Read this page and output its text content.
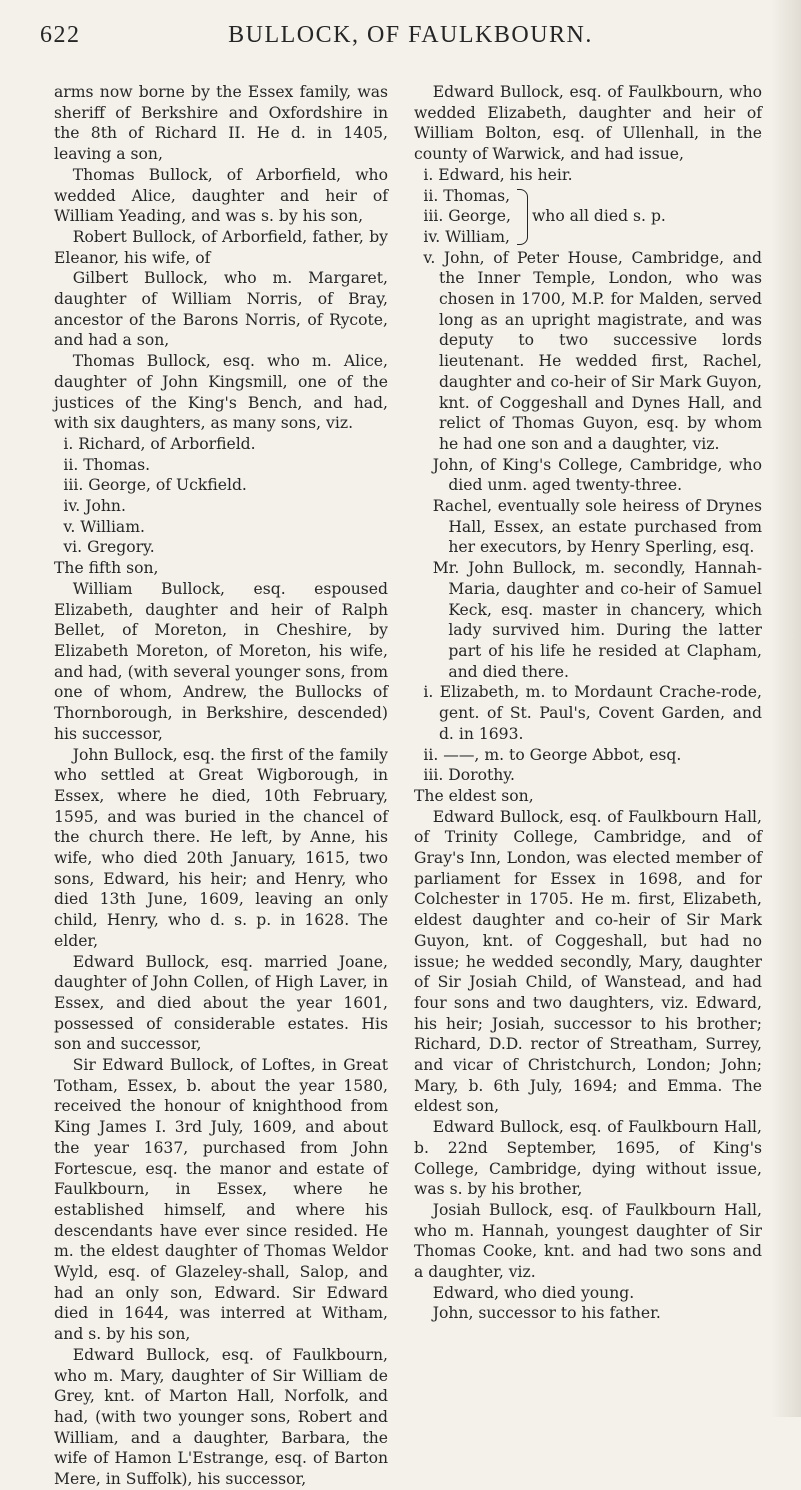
622	BULLOCK, OF FAULKBOURN.

arms now borne by the Essex family, was sheriff of Berkshire and Oxfordshire in the 8th of Richard II. He d. in 1405, leaving a son,

Thomas Bullock, of Arborfield, who wedded Alice, daughter and heir of William Yeading, and was s. by his son,

Robert Bullock, of Arborfield, father, by Eleanor, his wife, of

Gilbert Bullock, who m. Margaret, daughter of William Norris, of Bray, ancestor of the Barons Norris, of Rycote, and had a son,

Thomas Bullock, esq. who m. Alice, daughter of John Kingsmill, one of the justices of the King's Bench, and had, with six daughters, as many sons, viz.

i. Richard, of Arborfield.

ii. Thomas.

iii. George, of Uckfield.

iv. John.

v. William.

vi. Gregory.

The fifth son,

William Bullock, esq. espoused Elizabeth, daughter and heir of Ralph Bellet, of Moreton, in Cheshire, by Elizabeth Moreton, of Moreton, his wife, and had, (with several younger sons, from one of whom, Andrew, the Bullocks of Thornborough, in Berkshire, descended) his successor,

John Bullock, esq. the first of the family who settled at Great Wigborough, in Essex, where he died, 10th February, 1595, and was buried in the chancel of the church there. He left, by Anne, his wife, who died 20th January, 1615, two sons, Edward, his heir; and Henry, who died 13th June, 1609, leaving an only child, Henry, who d. s. p. in 1628. The elder,

Edward Bullock, esq. married Joane, daughter of John Collen, of High Laver, in Essex, and died about the year 1601, possessed of considerable estates. His son and successor,

Sir Edward Bullock, of Loftes, in Great Totham, Essex, b. about the year 1580, received the honour of knighthood from King James I. 3rd July, 1609, and about the year 1637, purchased from John Fortescue, esq. the manor and estate of Faulkbourn, in Essex, where he established himself, and where his descendants have ever since resided. He m. the eldest daughter of Thomas Weldor Wyld, esq. of Glazeley-shall, Salop, and had an only son, Edward. Sir Edward died in 1644, was interred at Witham, and s. by his son,

Edward Bullock, esq. of Faulkbourn, who m. Mary, daughter of Sir William de Grey, knt. of Marton Hall, Norfolk, and had, (with two younger sons, Robert and William, and a daughter, Barbara, the wife of Hamon L'Estrange, esq. of Barton Mere, in Suffolk), his successor,

Edward Bullock, esq. of Faulkbourn, who wedded Elizabeth, daughter and heir of William Bolton, esq. of Ullenhall, in the county of Warwick, and had issue,

i. Edward, his heir.

ii. Thomas,

iii. George,

iv. William,

who all died s. p.

v. John, of Peter House, Cambridge, and the Inner Temple, London, who was chosen in 1700, M.P. for Malden, served long as an upright magistrate, and was deputy to two successive lords lieutenant. He wedded first, Rachel, daughter and co-heir of Sir Mark Guyon, knt. of Coggeshall and Dynes Hall, and relict of Thomas Guyon, esq. by whom he had one son and a daughter, viz.

John, of King's College, Cambridge, who died unm. aged twenty-three.

Rachel, eventually sole heiress of Drynes Hall, Essex, an estate purchased from her executors, by Henry Sperling, esq.

Mr. John Bullock, m. secondly, Hannah-Maria, daughter and co-heir of Samuel Keck, esq. master in chancery, which lady survived him. During the latter part of his life he resided at Clapham, and died there.

i. Elizabeth, m. to Mordaunt Crache-rode, gent. of St. Paul's, Covent Garden, and d. in 1693.

ii. ——, m. to George Abbot, esq.

iii. Dorothy.

The eldest son,

Edward Bullock, esq. of Faulkbourn Hall, of Trinity College, Cambridge, and of Gray's Inn, London, was elected member of parliament for Essex in 1698, and for Colchester in 1705. He m. first, Elizabeth, eldest daughter and co-heir of Sir Mark Guyon, knt. of Coggeshall, but had no issue; he wedded secondly, Mary, daughter of Sir Josiah Child, of Wanstead, and had four sons and two daughters, viz. Edward, his heir; Josiah, successor to his brother; Richard, D.D. rector of Streatham, Surrey, and vicar of Christchurch, London; John; Mary, b. 6th July, 1694; and Emma. The eldest son,

Edward Bullock, esq. of Faulkbourn Hall, b. 22nd September, 1695, of King's College, Cambridge, dying without issue, was s. by his brother,

Josiah Bullock, esq. of Faulkbourn Hall, who m. Hannah, youngest daughter of Sir Thomas Cooke, knt. and had two sons and a daughter, viz.

Edward, who died young.

John, successor to his father.
